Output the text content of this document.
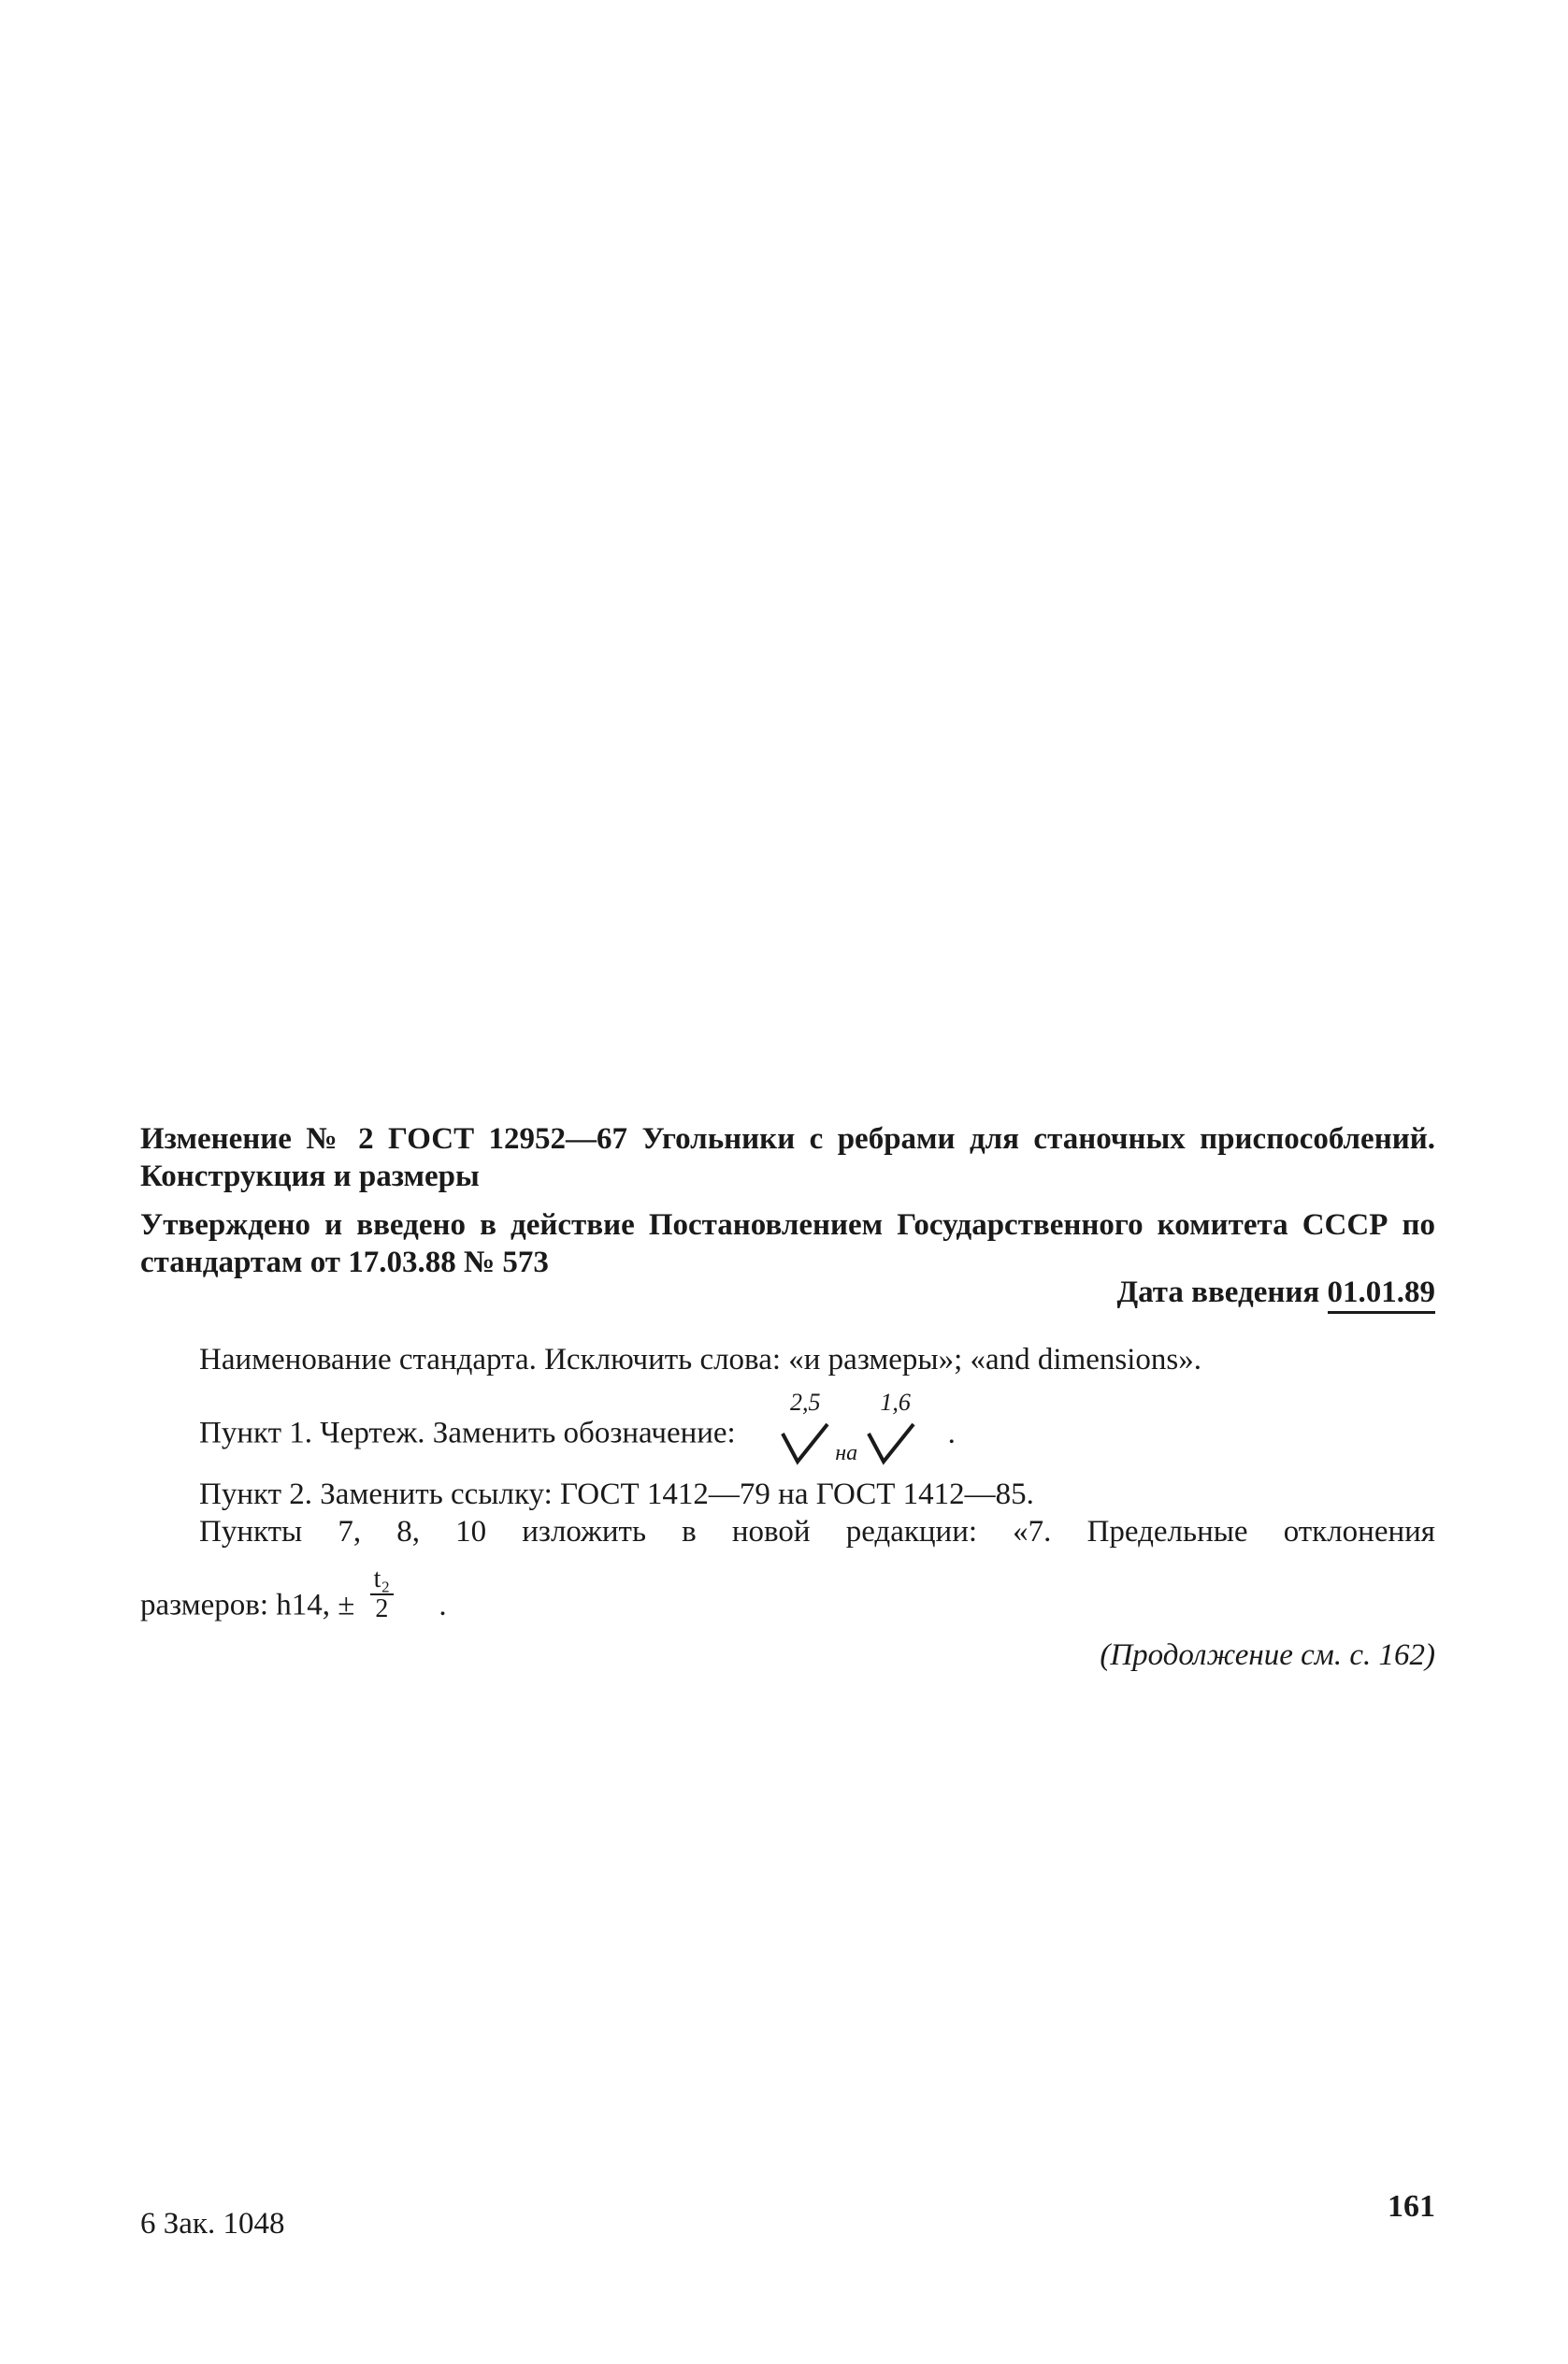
Изменение № 2 ГОСТ 12952—67 Угольники с ребрами для станочных приспособлений. Конструкция и размеры
Утверждено и введено в действие Постановлением Государственного комитета СССР по стандартам от 17.03.88 № 573
Дата введения 01.01.89
Наименование стандарта. Исключить слова: «и размеры»; «and dimensions».
Пункт 1. Чертеж. Заменить обозначение:
2,5
$_{на}$
1,6
.
Пункт 2. Заменить ссылку: ГОСТ 1412—79 на ГОСТ 1412—85.
Пункты 7, 8, 10 изложить в новой редакции: «7. Предельные отклонения
размеров: h14, ± $\frac{\text{t₂}}{2}$ .
(Продолжение см. с. 162)
6 Зак. 1048	161
